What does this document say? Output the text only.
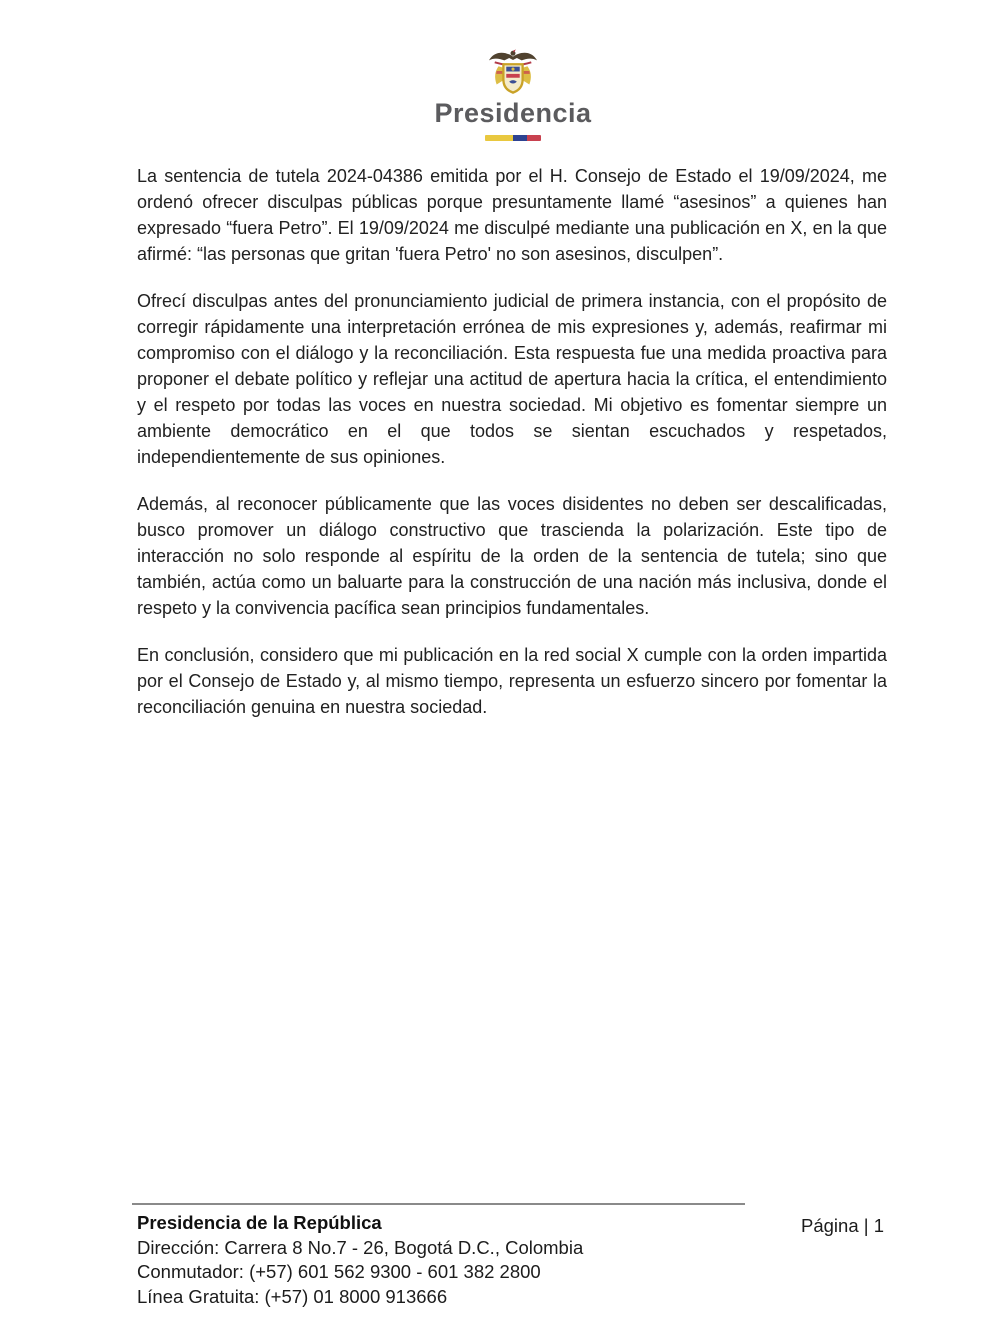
Presidencia

La sentencia de tutela 2024-04386 emitida por el H. Consejo de Estado el 19/09/2024, me ordenó ofrecer disculpas públicas porque presuntamente llamé “asesinos” a quienes han expresado “fuera Petro”. El 19/09/2024 me disculpé mediante una publicación en X, en la que afirmé: “las personas que gritan 'fuera Petro' no son asesinos, disculpen”.

Ofrecí disculpas antes del pronunciamiento judicial de primera instancia, con el propósito de corregir rápidamente una interpretación errónea de mis expresiones y, además, reafirmar mi compromiso con el diálogo y la reconciliación. Esta respuesta fue una medida proactiva para proponer el debate político y reflejar una actitud de apertura hacia la crítica, el entendimiento y el respeto por todas las voces en nuestra sociedad. Mi objetivo es fomentar siempre un ambiente democrático en el que todos se sientan escuchados y respetados, independientemente de sus opiniones.

Además, al reconocer públicamente que las voces disidentes no deben ser descalificadas, busco promover un diálogo constructivo que trascienda la polarización. Este tipo de interacción no solo responde al espíritu de la orden de la sentencia de tutela; sino que también, actúa como un baluarte para la construcción de una nación más inclusiva, donde el respeto y la convivencia pacífica sean principios fundamentales.

En conclusión, considero que mi publicación en la red social X cumple con la orden impartida por el Consejo de Estado y, al mismo tiempo, representa un esfuerzo sincero por fomentar la reconciliación genuina en nuestra sociedad.

Presidencia de la República
Dirección: Carrera 8 No.7 - 26, Bogotá D.C., Colombia
Conmutador: (+57) 601 562 9300 - 601 382 2800
Línea Gratuita: (+57) 01 8000 913666
Página | 1
